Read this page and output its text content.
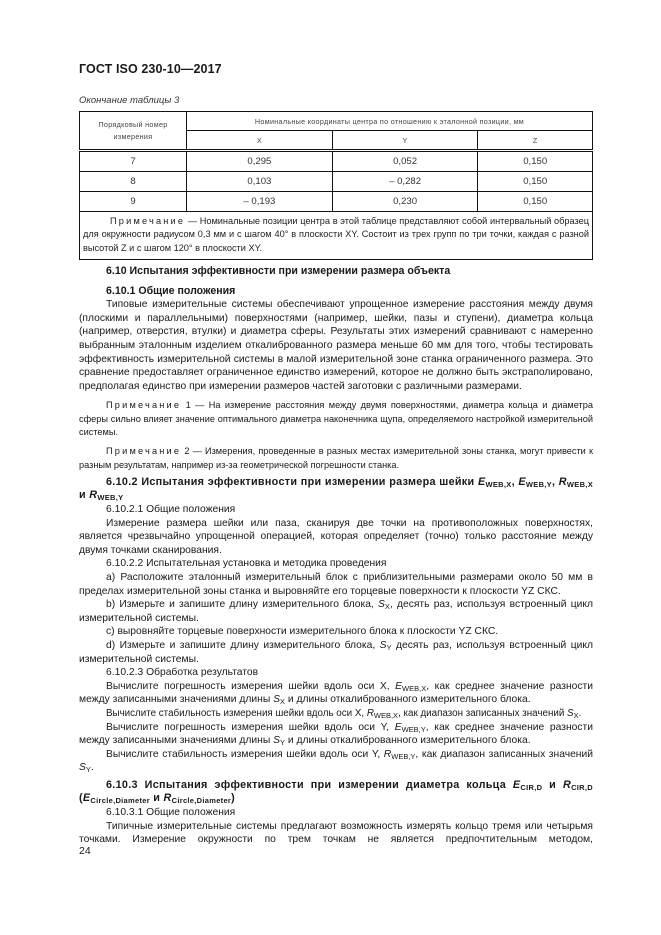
ГОСТ ISO 230-10—2017
Окончание таблицы 3
Порядковый номер измерения	Номинальные координаты центра по отношению к эталонной позиции, мм		
	X	Y	Z
7	0,295	0,052	0,150
8	0,103	– 0,282	0,150
9	– 0,193	0,230	0,150
Примечание — Номинальные позиции центра в этой таблице представляют собой интервальный образец для окружности радиусом 0,3 мм и с шагом 40° в плоскости XY. Состоит из трех групп по три точки, каждая с разной высотой Z и с шагом 120° в плоскости XY.			
6.10 Испытания эффективности при измерении размера объекта
6.10.1 Общие положения

Типовые измерительные системы обеспечивают упрощенное измерение расстояния между двумя (плоскими и параллельными) поверхностями (например, шейки, пазы и ступени), диаметра кольца (например, отверстия, втулки) и диаметра сферы. Результаты этих измерений сравнивают с намеренно выбранным эталонным изделием откалиброванного размера меньше 60 мм для того, чтобы тестировать эффективность измерительной системы в малой измерительной зоне станка ограниченного размера. Это сравнение предоставляет ограниченное единство измерений, которое не должно быть экстраполировано, предполагая единство при измерении размеров частей заготовки с различными размерами.

Примечание 1 — На измерение расстояния между двумя поверхностями, диаметра кольца и диаметра сферы сильно влияет значение оптимального диаметра наконечника щупа, определяемого настройкой измерительной системы.

Примечание 2 — Измерения, проведенные в разных местах измерительной зоны станка, могут привести к разным результатам, например из-за геометрической погрешности станка.

6.10.2 Испытания эффективности при измерении размера шейки $E_{WEB,X}$, $E_{WEB,Y}$, $R_{WEB,X}$ и $R_{WEB,Y}$

6.10.2.1 Общие положения

Измерение размера шейки или паза, сканируя две точки на противоположных поверхностях, является чрезвычайно упрощенной операцией, которая определяет (точно) только расстояние между двумя точками сканирования.

6.10.2.2 Испытательная установка и методика проведения

a) Расположите эталонный измерительный блок с приблизительными размерами около 50 мм в пределах измерительной зоны станка и выровняйте его торцевые поверхности к плоскости YZ СКС.

b) Измерьте и запишите длину измерительного блока, $S_X$, десять раз, используя встроенный цикл измерительной системы.

c) выровняйте торцевые поверхности измерительного блока к плоскости YZ СКС.

d) Измерьте и запишите длину измерительного блока, $S_Y$ десять раз, используя встроенный цикл измерительной системы.

6.10.2.3 Обработка результатов

Вычислите погрешность измерения шейки вдоль оси X, $E_{WEB,X}$, как среднее значение разности между записанными значениями длины $S_X$ и длины откалиброванного измерительного блока.

Вычислите стабильность измерения шейки вдоль оси X, $R_{WEB,X}$, как диапазон записанных значений $S_X$.

Вычислите погрешность измерения шейки вдоль оси Y, $E_{WEB,Y}$, как среднее значение разности между записанными значениями длины $S_Y$ и длины откалиброванного измерительного блока.

Вычислите стабильность измерения шейки вдоль оси Y, $R_{WEB,Y}$, как диапазон записанных значений $S_Y$.

6.10.3 Испытания эффективности при измерении диаметра кольца $E_{CIR,D}$ и $R_{CIR,D}$ ($E_{Circle,Diameter}$ и $R_{Circle,Diameter}$)

6.10.3.1 Общие положения

Типичные измерительные системы предлагают возможность измерять кольцо тремя или четырьмя точками. Измерение окружности по трем точкам не является предпочтительным методом,

24
